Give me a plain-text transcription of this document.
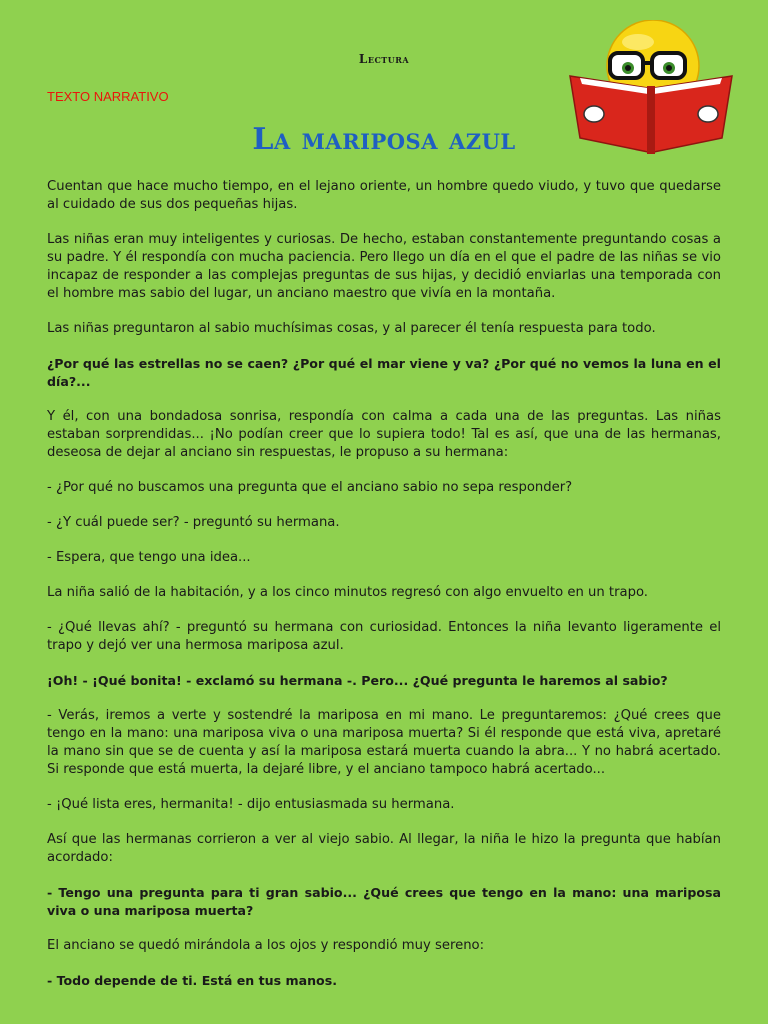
Lectura
TEXTO NARRATIVO
La mariposa azul

Cuentan que hace mucho tiempo, en el lejano oriente, un hombre quedo viudo, y tuvo que quedarse al cuidado de sus dos pequeñas hijas.

Las niñas eran muy inteligentes y curiosas. De hecho, estaban constantemente preguntando cosas a su padre. Y él respondía con mucha paciencia. Pero llego un día en el que el padre de las niñas se vio incapaz de responder a las complejas preguntas de sus hijas, y decidió enviarlas una temporada con el hombre mas sabio del lugar, un anciano maestro que vivía en la montaña.

Las niñas preguntaron al sabio muchísimas cosas, y al parecer él tenía respuesta para todo.

¿Por qué las estrellas no se caen? ¿Por qué el mar viene y va? ¿Por qué no vemos la luna en el día?...

Y él, con una bondadosa sonrisa, respondía con calma a cada una de las preguntas. Las niñas estaban sorprendidas... ¡No podían creer que lo supiera todo! Tal es así, que una de las hermanas, deseosa de dejar al anciano sin respuestas, le propuso a su hermana:

- ¿Por qué no buscamos una pregunta que el anciano sabio no sepa responder?

- ¿Y cuál puede ser? - preguntó su hermana.

- Espera, que tengo una idea...

La niña salió de la habitación, y a los cinco minutos regresó con algo envuelto en un trapo.

- ¿Qué llevas ahí? - preguntó su hermana con curiosidad. Entonces la niña levanto ligeramente el trapo y dejó ver una hermosa mariposa azul.

¡Oh! - ¡Qué bonita! - exclamó su hermana -. Pero... ¿Qué pregunta le haremos al sabio?

- Verás, iremos a verte y sostendré la mariposa en mi mano. Le preguntaremos: ¿Qué crees que tengo en la mano: una mariposa viva o una mariposa muerta? Si él responde que está viva, apretaré la mano sin que se de cuenta y así la mariposa estará muerta cuando la abra... Y no habrá acertado. Si responde que está muerta, la dejaré libre, y el anciano tampoco habrá acertado...

- ¡Qué lista eres, hermanita! - dijo entusiasmada su hermana.

Así que las hermanas corrieron a ver al viejo sabio. Al llegar, la niña le hizo la pregunta que habían acordado:

- Tengo una pregunta para ti gran sabio... ¿Qué crees que tengo en la mano: una mariposa viva o una mariposa muerta?

El anciano se quedó mirándola a los ojos y respondió muy sereno:

- Todo depende de ti. Está en tus manos.
